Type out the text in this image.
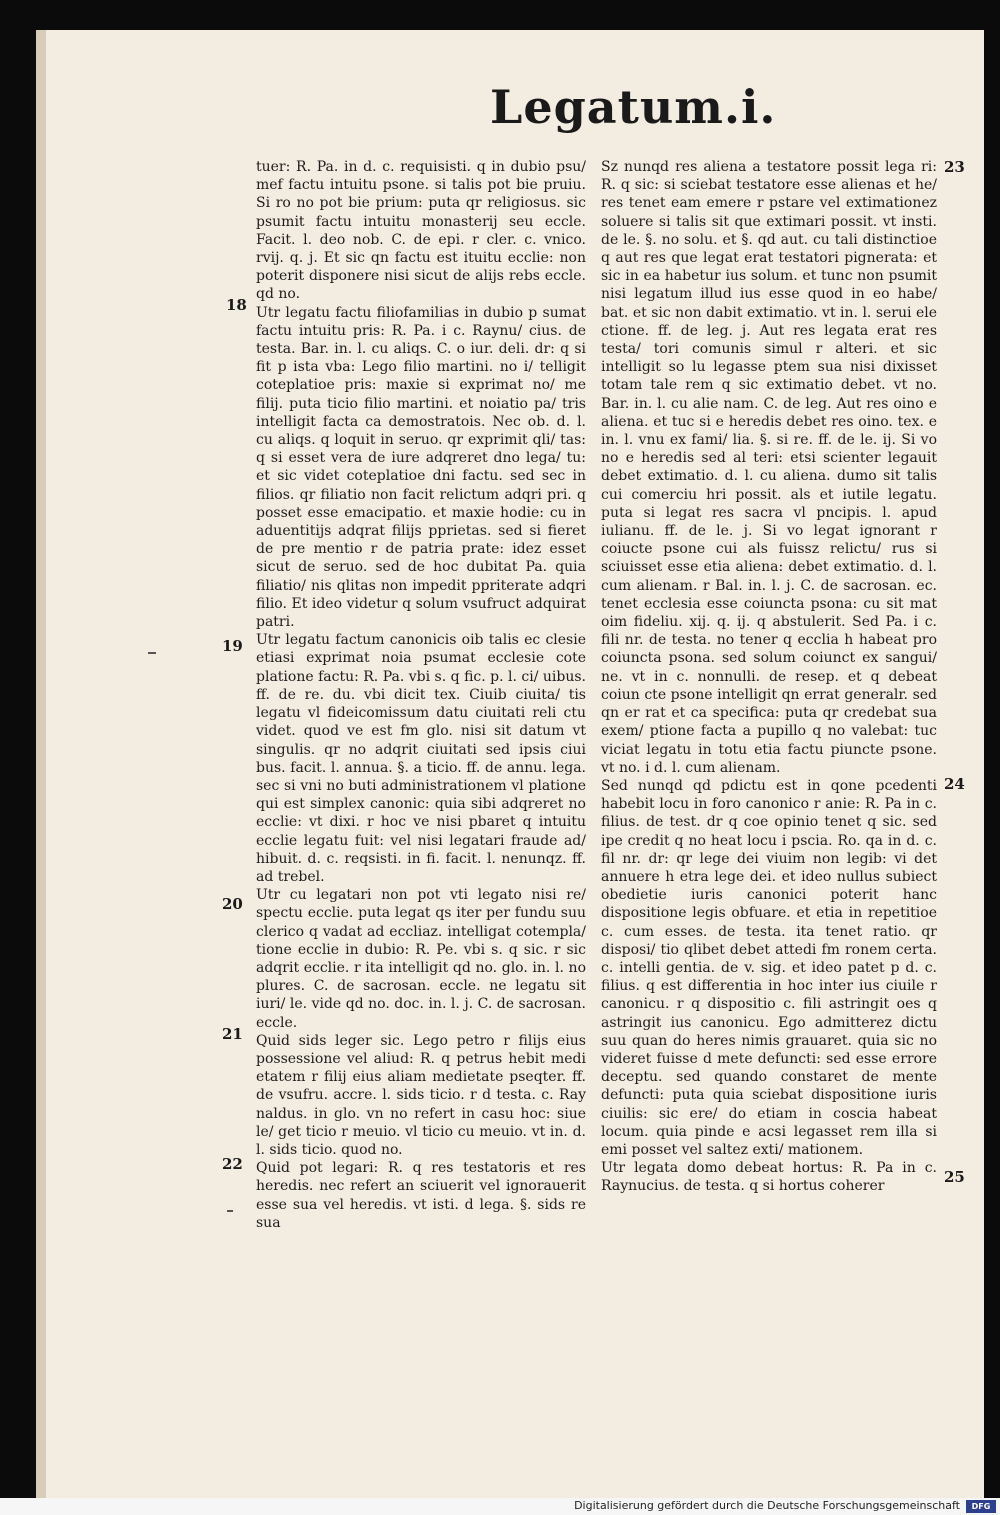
Legatum.i.

tuer: R. Pa. in d. c. requisisti. q in dubio psu/ mef factu intuitu psone. si talis pot bie pruiu. Si ro no pot bie prium: puta qr religiosus. sic psumit factu intuitu monasterij seu eccle. Facit. l. deo nob. C. de epi. r cler. c. vnico. rvij. q. j. Et sic qn factu est ituitu ecclie: non poterit disponere nisi sicut de alijs rebs eccle. qd no.

Utr legatu factu filiofamilias in dubio p sumat factu intuitu pris: R. Pa. i c. Raynu/ cius. de testa. Bar. in. l. cu aliqs. C. o iur. deli. dr: q si fit p ista vba: Lego filio martini. no i/ telligit coteplatioe pris: maxie si exprimat no/ me filij. puta ticio filio martini. et noiatio pa/ tris intelligit facta ca demostratois. Nec ob. d. l. cu aliqs. q loquit in seruo. qr exprimit qli/ tas: q si esset vera de iure adqreret dno lega/ tu: et sic videt coteplatioe dni factu. sed sec in filios. qr filiatio non facit relictum adqri pri. q posset esse emacipatio. et maxie hodie: cu in aduentitijs adqrat filijs pprietas. sed si fieret de pre mentio r de patria prate: idez esset sicut de seruo. sed de hoc dubitat Pa. quia filiatio/ nis qlitas non impedit ppriterate adqri filio. Et ideo videtur q solum vsufruct adquirat patri.

Utr legatu factum canonicis oib talis ec clesie etiasi exprimat noia psumat ecclesie cote platione factu: R. Pa. vbi s. q fic. p. l. ci/ uibus. ff. de re. du. vbi dicit tex. Ciuib ciuita/ tis legatu vl fideicomissum datu ciuitati reli ctu videt. quod ve est fm glo. nisi sit datum vt singulis. qr no adqrit ciuitati sed ipsis ciui bus. facit. l. annua. §. a ticio. ff. de annu. lega. sec si vni no buti administrationem vl platione qui est simplex canonic: quia sibi adqreret no ecclie: vt dixi. r hoc ve nisi pbaret q intuitu ecclie legatu fuit: vel nisi legatari fraude ad/ hibuit. d. c. reqsisti. in fi. facit. l. nenunqz. ff. ad trebel.

Utr cu legatari non pot vti legato nisi re/ spectu ecclie. puta legat qs iter per fundu suu clerico q vadat ad eccliaz. intelligat cotempla/ tione ecclie in dubio: R. Pe. vbi s. q sic. r sic adqrit ecclie. r ita intelligit qd no. glo. in. l. no plures. C. de sacrosan. eccle. ne legatu sit iuri/ le. vide qd no. doc. in. l. j. C. de sacrosan. eccle.

Quid sids leger sic. Lego petro r filijs eius possessione vel aliud: R. q petrus hebit medi etatem r filij eius aliam medietate pseqter. ff. de vsufru. accre. l. sids ticio. r d testa. c. Ray naldus. in glo. vn no refert in casu hoc: siue le/ get ticio r meuio. vl ticio cu meuio. vt in. d. l. sids ticio. quod no.

Quid pot legari: R. q res testatoris et res heredis. nec refert an sciuerit vel ignorauerit esse sua vel heredis. vt isti. d lega. §. sids re sua

Sz nunqd res aliena a testatore possit lega ri: R. q sic: si sciebat testatore esse alienas et he/ res tenet eam emere r pstare vel extimationez soluere si talis sit que extimari possit. vt insti. de le. §. no solu. et §. qd aut. cu tali distinctioe q aut res que legat erat testatori pignerata: et sic in ea habetur ius solum. et tunc non psumit nisi legatum illud ius esse quod in eo habe/ bat. et sic non dabit extimatio. vt in. l. serui ele ctione. ff. de leg. j. Aut res legata erat res testa/ tori comunis simul r alteri. et sic intelligit so lu legasse ptem sua nisi dixisset totam tale rem q sic extimatio debet. vt no. Bar. in. l. cu alie nam. C. de leg. Aut res oino e aliena. et tuc si e heredis debet res oino. tex. e in. l. vnu ex fami/ lia. §. si re. ff. de le. ij. Si vo no e heredis sed al teri: etsi scienter legauit debet extimatio. d. l. cu aliena. dumo sit talis cui comerciu hri possit. als et iutile legatu. puta si legat res sacra vl pncipis. l. apud iulianu. ff. de le. j. Si vo legat ignorant r coiucte psone cui als fuissz relictu/ rus si sciuisset esse etia aliena: debet extimatio. d. l. cum alienam. r Bal. in. l. j. C. de sacrosan. ec. tenet ecclesia esse coiuncta psona: cu sit mat oim fideliu. xij. q. ij. q abstulerit. Sed Pa. i c. fili nr. de testa. no tener q ecclia h habeat pro coiuncta psona. sed solum coiunct ex sangui/ ne. vt in c. nonnulli. de resep. et q debeat coiun cte psone intelligit qn errat generalr. sed qn er rat et ca specifica: puta qr credebat sua exem/ ptione facta a pupillo q no valebat: tuc viciat legatu in totu etia factu piuncte psone. vt no. i d. l. cum alienam.

Sed nunqd qd pdictu est in qone pcedenti habebit locu in foro canonico r anie: R. Pa in c. filius. de test. dr q coe opinio tenet q sic. sed ipe credit q no heat locu i pscia. Ro. qa in d. c. fil nr. dr: qr lege dei viuim non legib: vi det annuere h etra lege dei. et ideo nullus subiect obedietie iuris canonici poterit hanc dispositione legis obfuare. et etia in repetitioe c. cum esses. de testa. ita tenet ratio. qr disposi/ tio qlibet debet attedi fm ronem certa. c. intelli gentia. de v. sig. et ideo patet p d. c. filius. q est differentia in hoc inter ius ciuile r canonicu. r q dispositio c. fili astringit oes q astringit ius canonicu. Ego admitterez dictu suu quan do heres nimis grauaret. quia sic no videret fuisse d mete defuncti: sed esse errore deceptu. sed quando constaret de mente defuncti: puta quia sciebat dispositione iuris ciuilis: sic ere/ do etiam in coscia habeat locum. quia pinde e acsi legasset rem illa si emi posset vel saltez exti/ mationem.

Utr legata domo debeat hortus: R. Pa in c. Raynucius. de testa. q si hortus coherer

18
19
20
21
22
23
24
25
Digitalisierung gefördert durch die Deutsche Forschungsgemeinschaft	DFG
